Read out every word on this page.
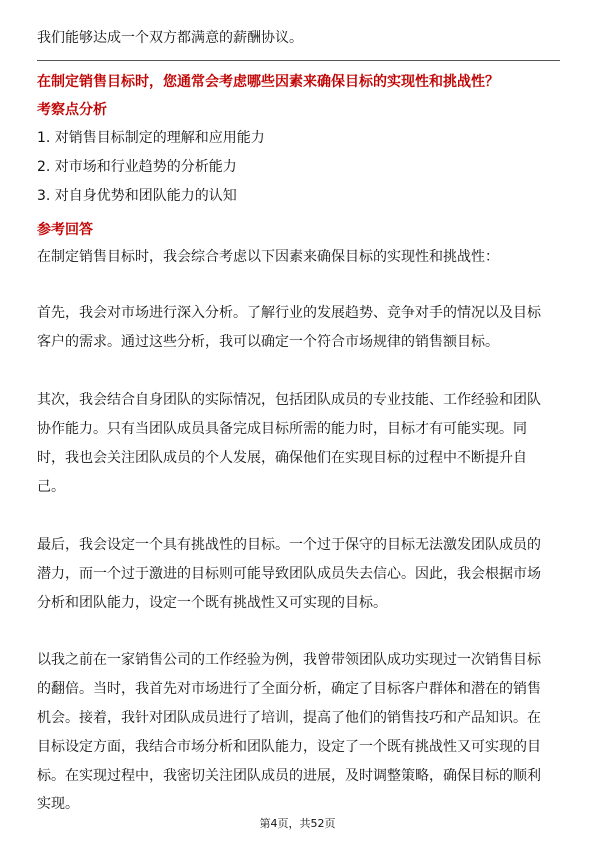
我们能够达成一个双方都满意的薪酬协议。
在制定销售目标时，您通常会考虑哪些因素来确保目标的实现性和挑战性？
考察点分析
1. 对销售目标制定的理解和应用能力
2. 对市场和行业趋势的分析能力
3. 对自身优势和团队能力的认知
参考回答
在制定销售目标时，我会综合考虑以下因素来确保目标的实现性和挑战性：
首先，我会对市场进行深入分析。了解行业的发展趋势、竞争对手的情况以及目标
客户的需求。通过这些分析，我可以确定一个符合市场规律的销售额目标。
其次，我会结合自身团队的实际情况，包括团队成员的专业技能、工作经验和团队
协作能力。只有当团队成员具备完成目标所需的能力时，目标才有可能实现。同
时，我也会关注团队成员的个人发展，确保他们在实现目标的过程中不断提升自
己。
最后，我会设定一个具有挑战性的目标。一个过于保守的目标无法激发团队成员的
潜力，而一个过于激进的目标则可能导致团队成员失去信心。因此，我会根据市场
分析和团队能力，设定一个既有挑战性又可实现的目标。
以我之前在一家销售公司的工作经验为例，我曾带领团队成功实现过一次销售目标
的翻倍。当时，我首先对市场进行了全面分析，确定了目标客户群体和潜在的销售
机会。接着，我针对团队成员进行了培训，提高了他们的销售技巧和产品知识。在
目标设定方面，我结合市场分析和团队能力，设定了一个既有挑战性又可实现的目
标。在实现过程中，我密切关注团队成员的进展，及时调整策略，确保目标的顺利
实现。
第4页，共52页
